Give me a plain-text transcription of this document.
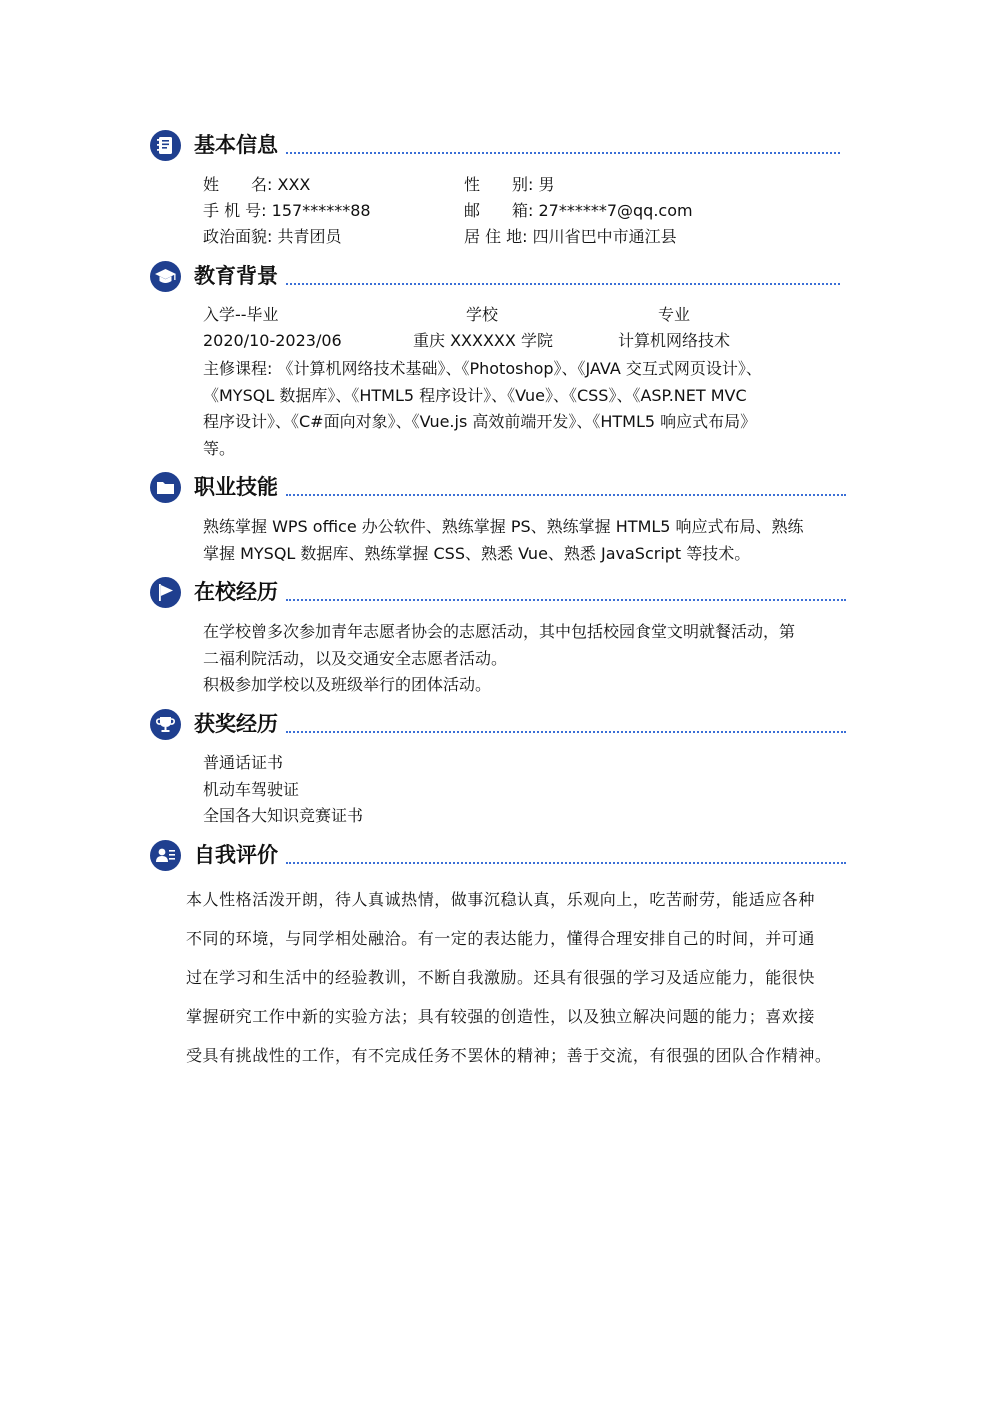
基本信息
姓　　名: XXX	性　　别: 男
手 机 号: 157******88	邮　　箱: 27******7@qq.com
政治面貌: 共青团员	居 住 地: 四川省巴中市通江县
教育背景
入学--毕业	学校	专业
2020/10-2023/06	重庆 XXXXXX 学院	计算机网络技术
主修课程: 《计算机网络技术基础》、《Photoshop》、《JAVA 交互式网页设计》、
《MYSQL 数据库》、《HTML5 程序设计》、《Vue》、《CSS》、《ASP.NET MVC
程序设计》、《C#面向对象》、《Vue.js 高效前端开发》、《HTML5 响应式布局》
等。
职业技能
熟练掌握 WPS office 办公软件、熟练掌握 PS、熟练掌握 HTML5 响应式布局、熟练
掌握 MYSQL 数据库、熟练掌握 CSS、熟悉 Vue、熟悉 JavaScript 等技术。
在校经历
在学校曾多次参加青年志愿者协会的志愿活动，其中包括校园食堂文明就餐活动，第
二福利院活动，以及交通安全志愿者活动。
积极参加学校以及班级举行的团体活动。
获奖经历
普通话证书
机动车驾驶证
全国各大知识竞赛证书
自我评价
本人性格活泼开朗，待人真诚热情，做事沉稳认真，乐观向上，吃苦耐劳，能适应各种
不同的环境，与同学相处融洽。有一定的表达能力，懂得合理安排自己的时间，并可通
过在学习和生活中的经验教训，不断自我激励。还具有很强的学习及适应能力，能很快
掌握研究工作中新的实验方法；具有较强的创造性，以及独立解决问题的能力；喜欢接
受具有挑战性的工作，有不完成任务不罢休的精神；善于交流，有很强的团队合作精神。
